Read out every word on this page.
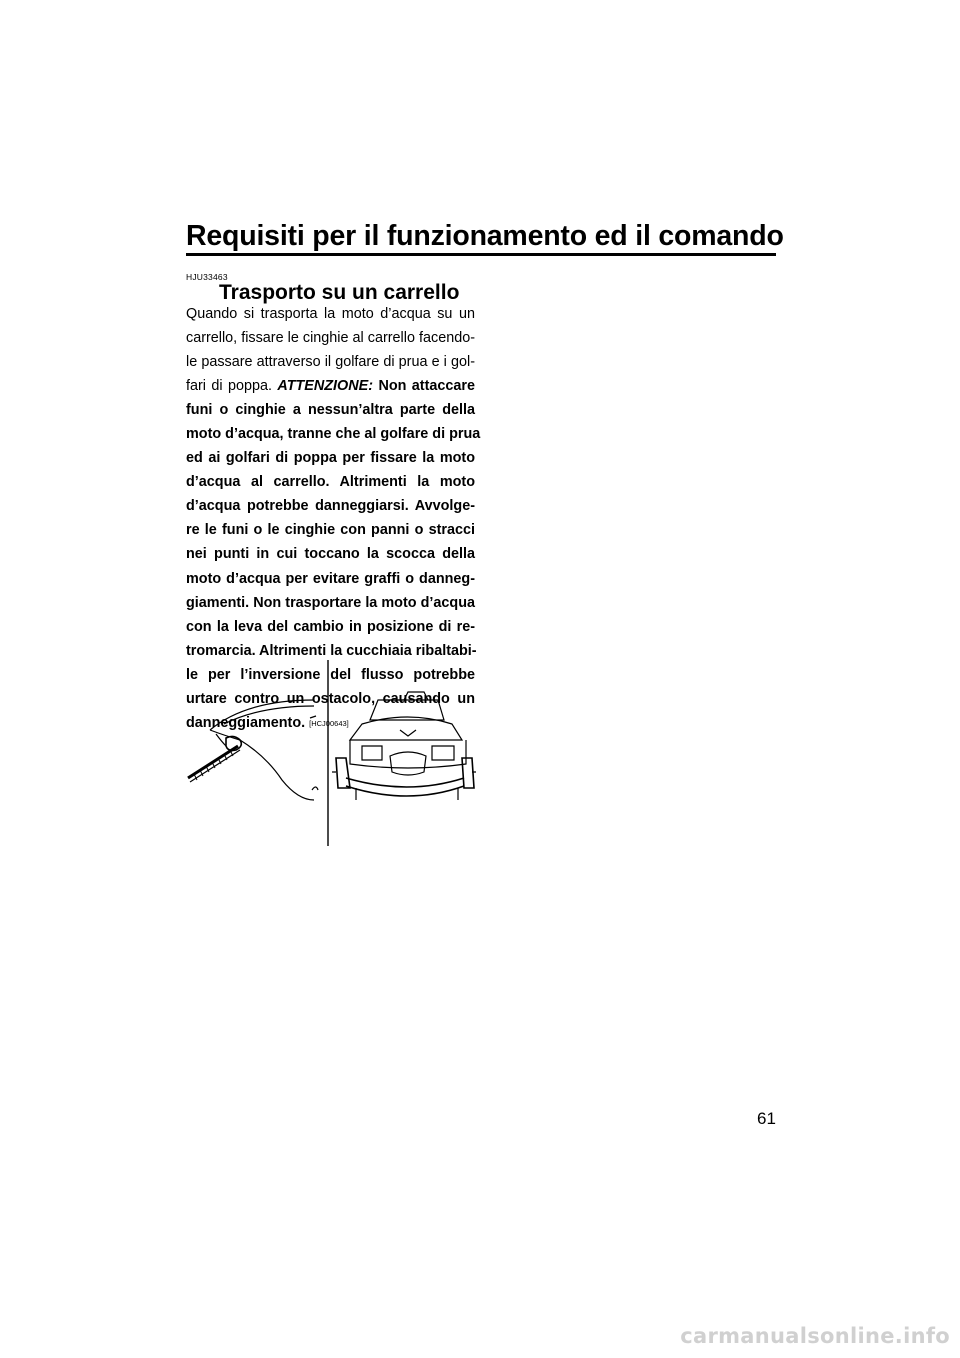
Requisiti per il funzionamento ed il comando
HJU33463
Trasporto su un carrello
Quando si trasporta la moto d’acqua su un
carrello, fissare le cinghie al carrello facendo-
le passare attraverso il golfare di prua e i gol-
fari di poppa. ATTENZIONE: Non attaccare
funi o cinghie a nessun’altra parte della
moto d’acqua, tranne che al golfare di prua
ed ai golfari di poppa per fissare la moto
d’acqua al carrello. Altrimenti la moto
d’acqua potrebbe danneggiarsi. Avvolge-
re le funi o le cinghie con panni o stracci
nei punti in cui toccano la scocca della
moto d’acqua per evitare graffi o danneg-
giamenti. Non trasportare la moto d’acqua
con la leva del cambio in posizione di re-
tromarcia. Altrimenti la cucchiaia ribaltabi-
le per l’inversione del flusso potrebbe
urtare contro un ostacolo, causando un
danneggiamento. [HCJ00643]
61
carmanualsonline.info
